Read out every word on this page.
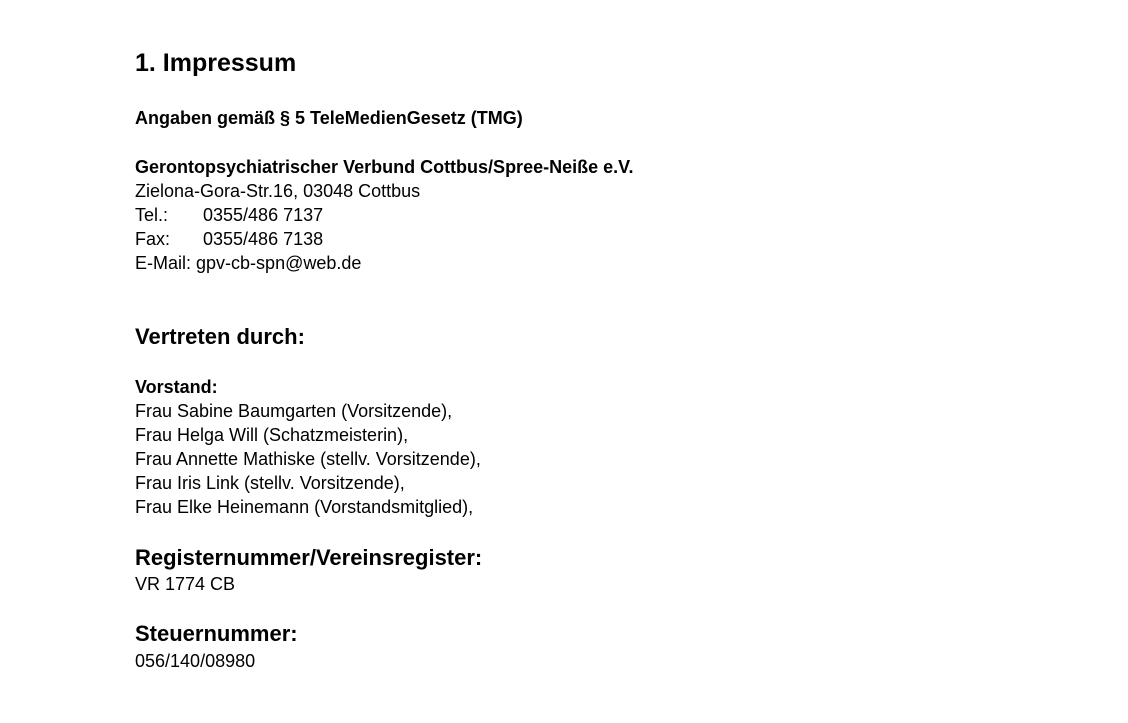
1. Impressum
Angaben gemäß § 5 TeleMedienGesetz (TMG)
Gerontopsychiatrischer Verbund Cottbus/Spree-Neiße e.V.
Zielona-Gora-Str.16, 03048 Cottbus
Tel.: 0355/486 7137
Fax: 0355/486 7138
E-Mail: gpv-cb-spn@web.de
Vertreten durch:
Vorstand:
Frau Sabine Baumgarten (Vorsitzende),
Frau Helga Will (Schatzmeisterin),
Frau Annette Mathiske (stellv. Vorsitzende),
Frau Iris Link (stellv. Vorsitzende),
Frau Elke Heinemann (Vorstandsmitglied),
Registernummer/Vereinsregister:
VR 1774 CB
Steuernummer:
056/140/08980
